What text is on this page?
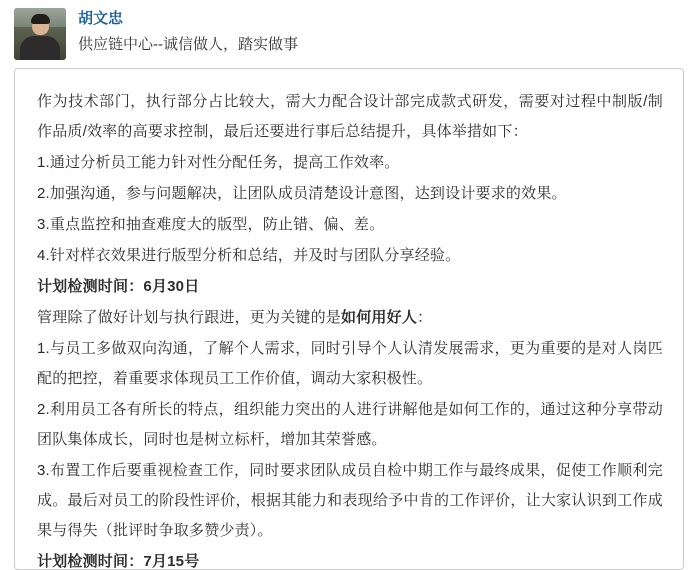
胡文忠
供应链中心--诚信做人，踏实做事

作为技术部门，执行部分占比较大，需大力配合设计部完成款式研发，需要对过程中制版/制作品质/效率的高要求控制，最后还要进行事后总结提升，具体举措如下：

1.通过分析员工能力针对性分配任务，提高工作效率。

2.加强沟通，参与问题解决，让团队成员清楚设计意图，达到设计要求的效果。

3.重点监控和抽查难度大的版型，防止错、偏、差。

4.针对样衣效果进行版型分析和总结，并及时与团队分享经验。

计划检测时间：6月30日

管理除了做好计划与执行跟进，更为关键的是如何用好人：

1.与员工多做双向沟通，了解个人需求，同时引导个人认清发展需求，更为重要的是对人岗匹配的把控，着重要求体现员工工作价值，调动大家积极性。

2.利用员工各有所长的特点，组织能力突出的人进行讲解他是如何工作的，通过这种分享带动团队集体成长，同时也是树立标杆，增加其荣誉感。

3.布置工作后要重视检查工作，同时要求团队成员自检中期工作与最终成果，促使工作顺利完成。最后对员工的阶段性评价，根据其能力和表现给予中肯的工作评价，让大家认识到工作成果与得失（批评时争取多赞少责）。

计划检测时间：7月15号
